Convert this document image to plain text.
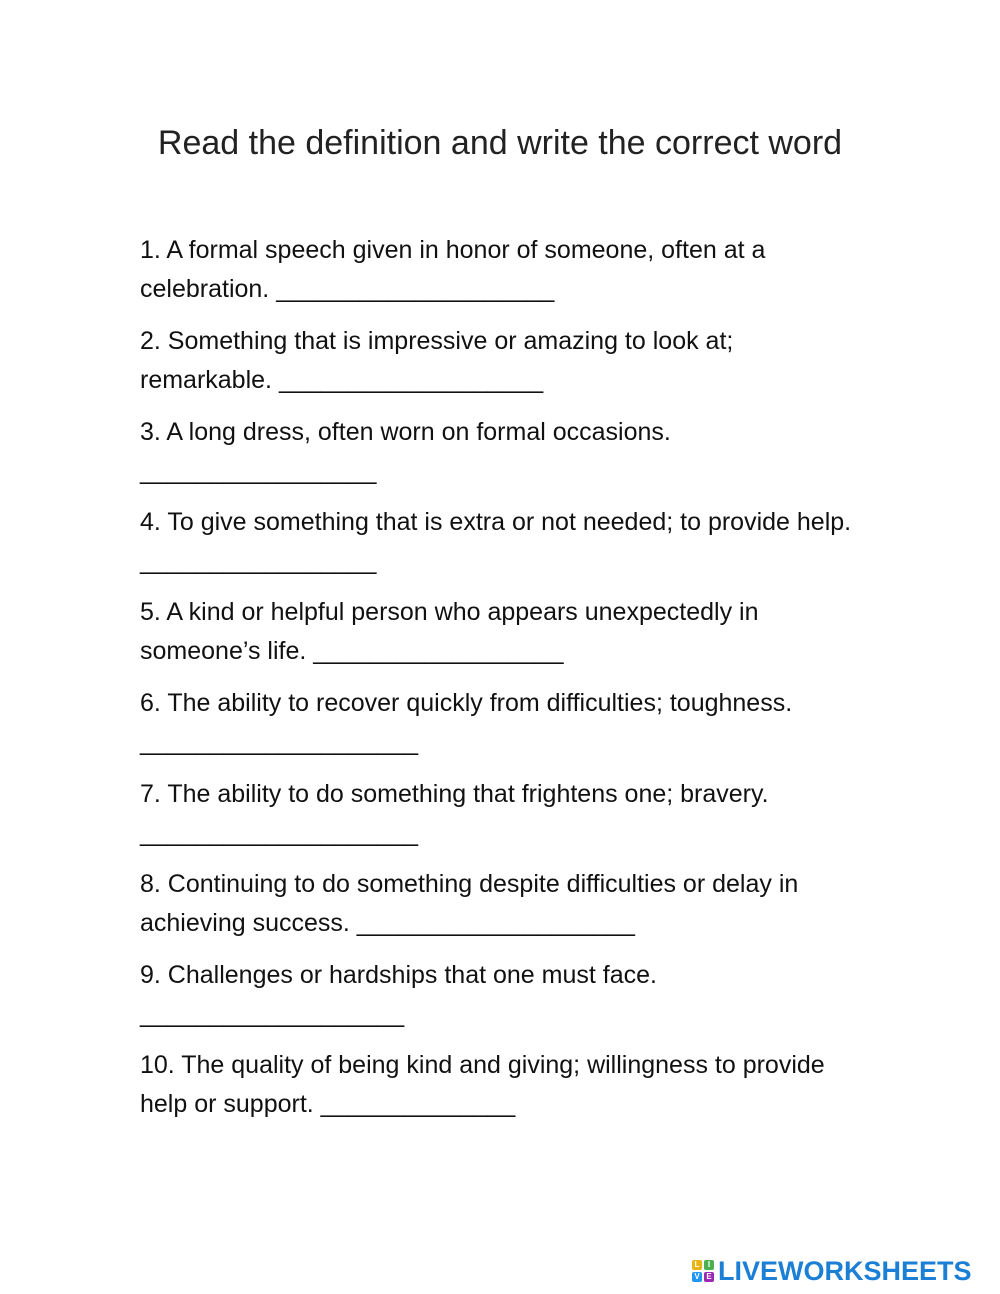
Read the definition and write the correct word

1. A formal speech given in honor of someone, often at a celebration. ____________________

2. Something that is impressive or amazing to look at; remarkable. ___________________

3. A long dress, often worn on formal occasions.
_________________

4. To give something that is extra or not needed; to provide help. _________________

5. A kind or helpful person who appears unexpectedly in someone’s life. __________________

6. The ability to recover quickly from difficulties; toughness.
____________________

7. The ability to do something that frightens one; bravery.
____________________

8. Continuing to do something despite difficulties or delay in achieving success. ____________________

9. Challenges or hardships that one must face.
___________________

10. The quality of being kind and giving; willingness to provide help or support. ______________

L	I
V E LIVEWORKSHEETS
